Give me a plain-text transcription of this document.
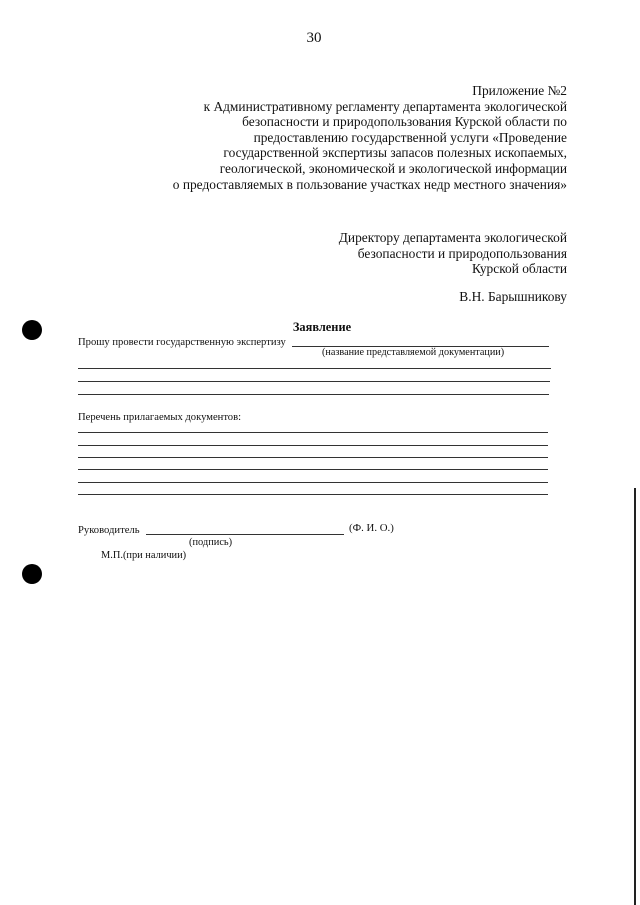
30
Приложение №2
к Административному регламенту департамента экологической
безопасности и природопользования Курской области по
предоставлению государственной услуги «Проведение
государственной экспертизы запасов полезных ископаемых,
геологической, экономической и экологической информации
о предоставляемых в пользование участках недр местного значения»
Директору департамента экологической
безопасности и природопользования
Курской области
В.Н. Барышникову
Заявление
Прошу провести государственную экспертизу
(название представляемой документации)
Перечень прилагаемых документов:
Руководитель	(Ф. И. О.)
(подпись)
М.П.(при наличии)
